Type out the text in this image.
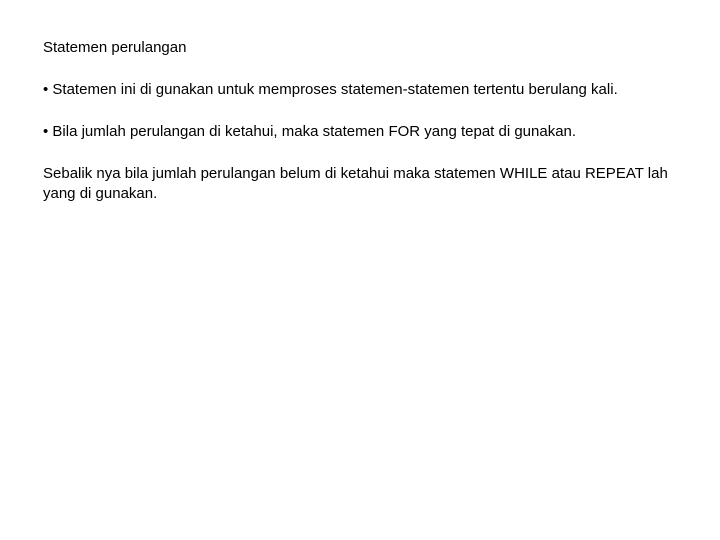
Statemen perulangan

• Statemen ini di gunakan untuk memproses statemen-statemen tertentu berulang kali.

• Bila jumlah perulangan di ketahui, maka statemen FOR yang tepat di gunakan.

Sebalik nya bila jumlah perulangan belum di ketahui maka statemen WHILE atau REPEAT lah yang di gunakan.
